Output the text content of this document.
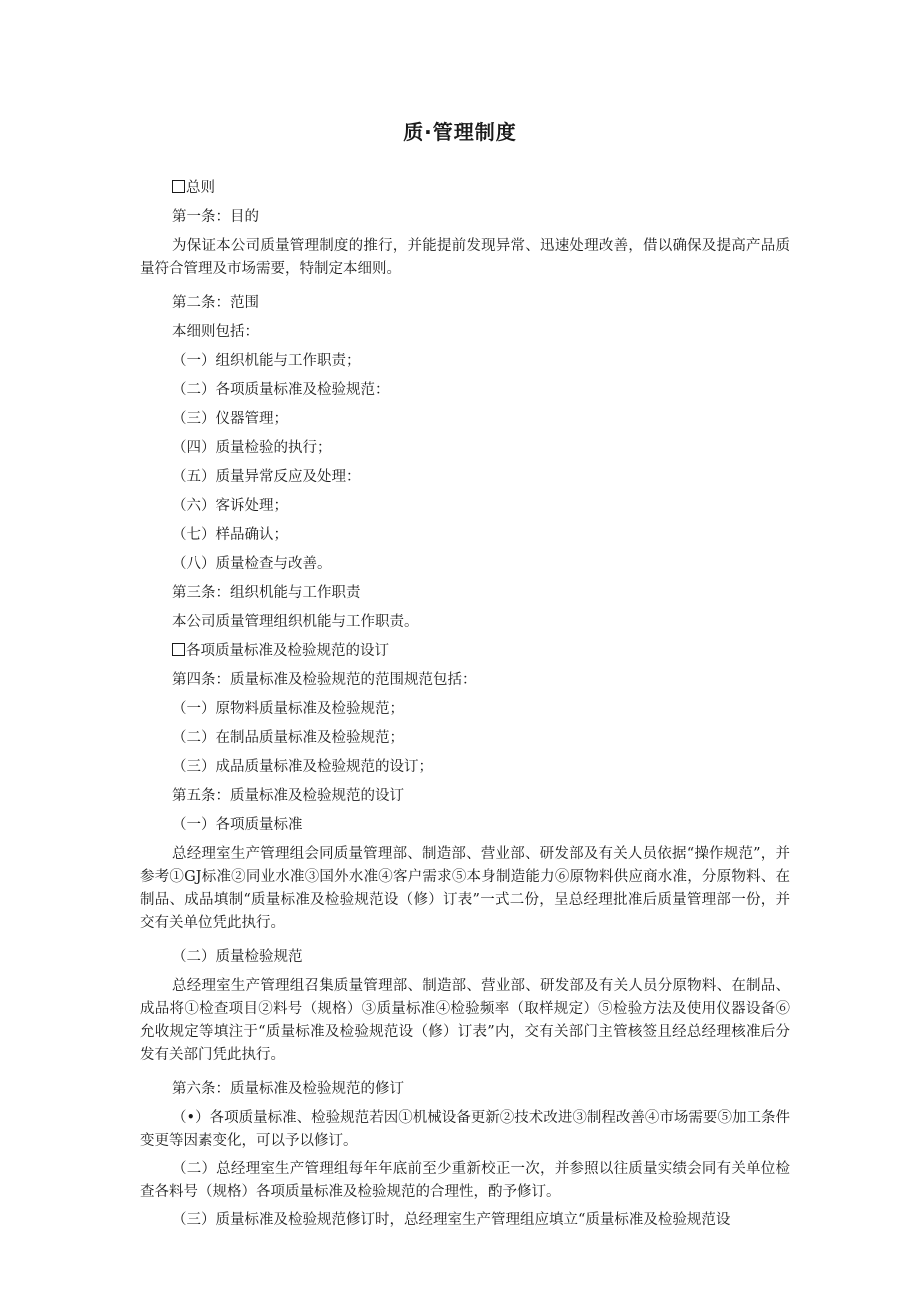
质·管理制度
总则
第一条：目的
为保证本公司质量管理制度的推行，并能提前发现异常、迅速处理改善，借以确保及提高产品质量符合管理及市场需要，特制定本细则。
第二条：范围
本细则包括：
（一）组织机能与工作职责；
（二）各项质量标准及检验规范：
（三）仪器管理；
（四）质量检验的执行；
（五）质量异常反应及处理：
（六）客诉处理；
（七）样品确认；
（八）质量检查与改善。
第三条：组织机能与工作职责
本公司质量管理组织机能与工作职责。
各项质量标准及检验规范的设订
第四条：质量标准及检验规范的范围规范包括：
（一）原物料质量标准及检验规范；
（二）在制品质量标准及检验规范；
（三）成品质量标准及检验规范的设订；
第五条：质量标准及检验规范的设订
（一）各项质量标准
总经理室生产管理组会同质量管理部、制造部、营业部、研发部及有关人员依据“操作规范”，并参考①GJ标准②同业水准③国外水准④客户需求⑤本身制造能力⑥原物料供应商水准，分原物料、在制品、成品填制“质量标准及检验规范设（修）订表”一式二份，呈总经理批准后质量管理部一份，并交有关单位凭此执行。
（二）质量检验规范
总经理室生产管理组召集质量管理部、制造部、营业部、研发部及有关人员分原物料、在制品、成品将①检查项目②料号（规格）③质量标准④检验频率（取样规定）⑤检验方法及使用仪器设备⑥允收规定等填注于“质量标准及检验规范设（修）订表”内，交有关部门主管核签且经总经理核准后分发有关部门凭此执行。
第六条：质量标准及检验规范的修订
（•）各项质量标准、检验规范若因①机械设备更新②技术改进③制程改善④市场需要⑤加工条件变更等因素变化，可以予以修订。
（二）总经理室生产管理组每年年底前至少重新校正一次，并参照以往质量实绩会同有关单位检查各料号（规格）各项质量标准及检验规范的合理性，酌予修订。
（三）质量标准及检验规范修订时，总经理室生产管理组应填立“质量标准及检验规范设
